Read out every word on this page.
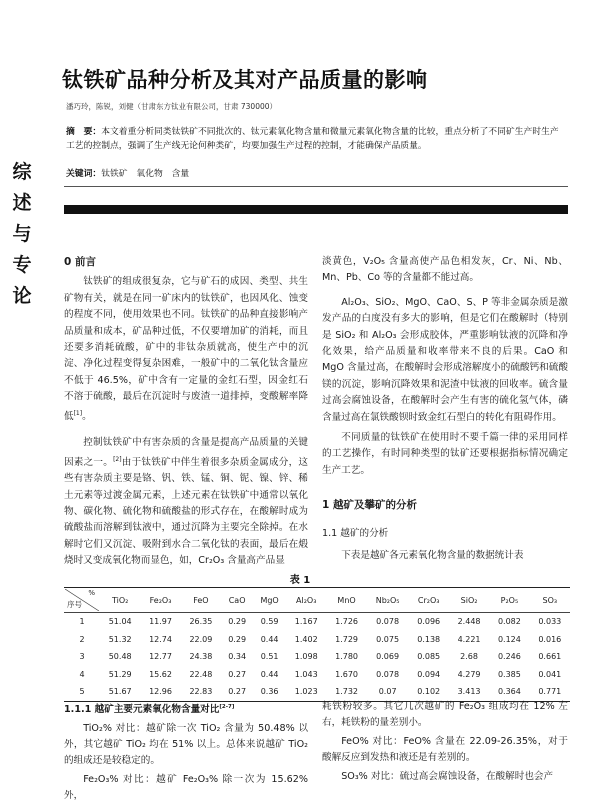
钛铁矿品种分析及其对产品质量的影响
潘巧玲，陈锐，刘健（甘肃东方钛业有限公司，甘肃 730000）
摘　要：本文着重分析同类钛铁矿不同批次的、钛元素氧化物含量和微量元素氧化物含量的比较，重点分析了不同矿生产时生产工艺的控制点，强调了生产线无论何种类矿，均要加强生产过程的控制，才能确保产品质量。
关键词：钛铁矿　氧化物　含量
综
述
与
专
论

0 前言

钛铁矿的组成很复杂，它与矿石的成因、类型、共生矿物有关，就是在同一矿床内的钛铁矿，也因风化、蚀变的程度不同，使用效果也不同。钛铁矿的品种直接影响产品质量和成本，矿品种过低，不仅要增加矿的消耗，而且还要多消耗硫酸，矿中的非钛杂质就高，使生产中的沉淀、净化过程变得复杂困难，一般矿中的二氧化钛含量应不低于 46.5%，矿中含有一定量的金红石型，因金红石不溶于硫酸，最后在沉淀时与废渣一道排掉，变酸解率降低[1]。

控制钛铁矿中有害杂质的含量是提高产品质量的关键因素之一。[2]由于钛铁矿中伴生着很多杂质金属成分，这些有害杂质主要是铬、钒、铁、锰、铜、铌、镍、锌、稀土元素等过渡金属元素，上述元素在钛铁矿中通常以氧化物、碳化物、硫化物和硫酸盐的形式存在，在酸解时成为硫酸盐而溶解到钛液中，通过沉降为主要完全除掉。在水解时它们又沉淀、吸附到水合二氧化钛的表面，最后在煅烧时又变成氧化物而显色，如，Cr₂O₃ 含量高产品显

淡黄色，V₂O₅ 含量高使产品色相发灰，Cr、Ni、Nb、Mn、Pb、Co 等的含量都不能过高。

Al₂O₃、SiO₂、MgO、CaO、S、P 等非金属杂质是激发产品的白度没有多大的影响，但是它们在酸解时（特别是 SiO₂ 和 Al₂O₃ 会形成胶体，严重影响钛液的沉降和净化效果，给产品质量和收率带来不良的后果。CaO 和 MgO 含量过高，在酸解时会形成溶解度小的硫酸钙和硫酸镁的沉淀，影响沉降效果和泥渣中钛液的回收率。硫含量过高会腐蚀设备，在酸解时会产生有害的硫化氢气体，磷含量过高在氯铁酸钡时致金红石型白的转化有阻碍作用。

不同质量的钛铁矿在使用时不要千篇一律的采用同样的工艺操作，有时同种类型的钛矿还要根据指标情况确定生产工艺。

1 越矿及攀矿的分析

1.1 越矿的分析

下表是越矿各元素氧化物含量的数据统计表

表 1
%
序号	TiO₂	Fe₂O₃	FeO	CaO	MgO	Al₂O₃	MnO	Nb₂O₅	Cr₂O₃	SiO₂	P₂O₅	SO₃
1	51.04	11.97	26.35	0.29	0.59	1.167	1.726	0.078	0.096	2.448	0.082	0.033
2	51.32	12.74	22.09	0.29	0.44	1.402	1.729	0.075	0.138	4.221	0.124	0.016
3	50.48	12.77	24.38	0.34	0.51	1.098	1.780	0.069	0.085	2.68	0.246	0.661
4	51.29	15.62	22.48	0.27	0.44	1.043	1.670	0.078	0.094	4.279	0.385	0.041
5	51.67	12.96	22.83	0.27	0.36	1.023	1.732	0.07	0.102	3.413	0.364	0.771

1.1.1 越矿主要元素氧化物含量对比[2-7]

TiO₂% 对比：越矿除一次 TiO₂ 含量为 50.48% 以外，其它越矿 TiO₂ 均在 51% 以上。总体来说越矿 TiO₂ 的组成还是较稳定的。

Fe₂O₃% 对比：越矿 Fe₂O₃% 除一次为 15.62% 外，

耗铁粉较多。其它几次越矿的 Fe₂O₃ 组成均在 12% 左右，耗铁粉的量差别小。

FeO% 对比：FeO% 含量在 22.09-26.35%，对于酸解反应到发热和液还是有差别的。

SO₃% 对比：硫过高会腐蚀设备，在酸解时也会产
